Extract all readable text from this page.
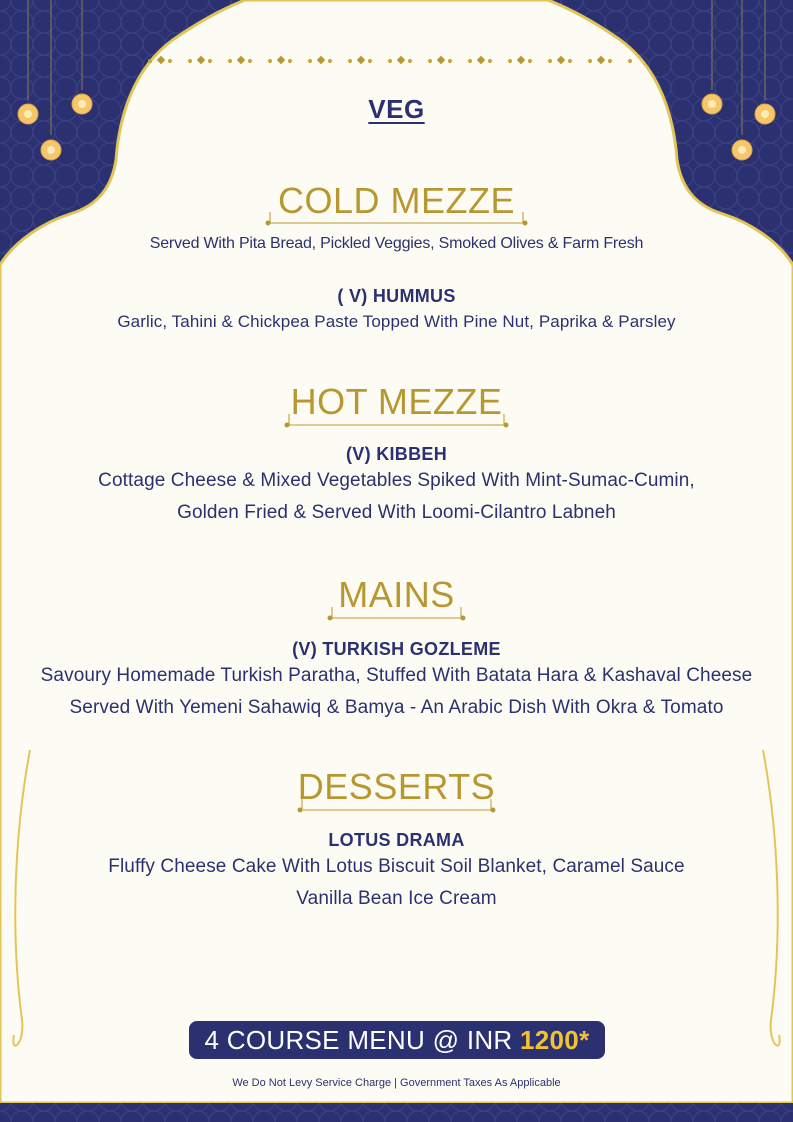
VEG
COLD MEZZE
Served With Pita Bread, Pickled Veggies, Smoked Olives & Farm Fresh
( V) HUMMUS
Garlic, Tahini & Chickpea Paste Topped With Pine Nut, Paprika & Parsley
HOT MEZZE
(V) KIBBEH
Cottage Cheese & Mixed Vegetables Spiked With Mint-Sumac-Cumin,
Golden Fried & Served With Loomi-Cilantro Labneh
MAINS
(V) TURKISH GOZLEME
Savoury Homemade Turkish Paratha, Stuffed With Batata Hara & Kashaval Cheese
Served With Yemeni Sahawiq & Bamya - An Arabic Dish With Okra & Tomato
DESSERTS
LOTUS DRAMA
Fluffy Cheese Cake With Lotus Biscuit Soil Blanket, Caramel Sauce
Vanilla Bean Ice Cream
4 COURSE MENU @ INR 1200*
We Do Not Levy Service Charge | Government Taxes As Applicable
